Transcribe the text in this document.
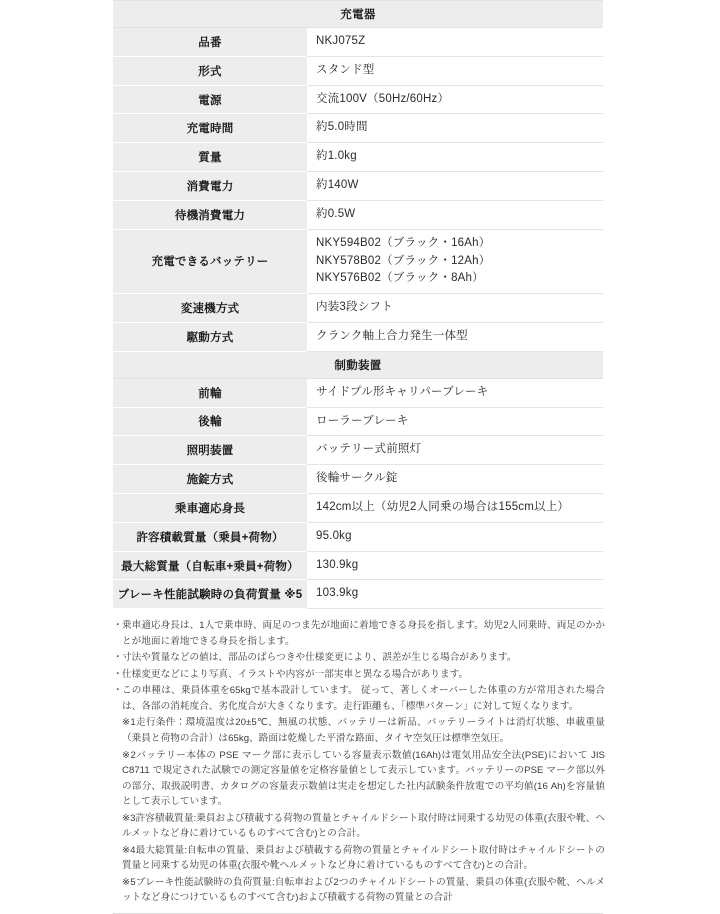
充電器	

品番	NKJ075Z

形式	スタンド型

電源	交流100V（50Hz/60Hz）

充電時間	約5.0時間

質量	約1.0kg

消費電力	約140W

待機消費電力	約0.5W

充電できるバッテリー	NKY594B02（ブラック・16Ah）
NKY578B02（ブラック・12Ah）
NKY576B02（ブラック・8Ah）

変速機方式	内装3段シフト

駆動方式	クランク軸上合力発生一体型

制動装置	

前輪	サイドプル形キャリパーブレーキ

後輪	ローラーブレーキ

照明装置	バッテリー式前照灯

施錠方式	後輪サークル錠

乗車適応身長	142cm以上（幼児2人同乗の場合は155cm以上）

許容積載質量（乗員+荷物）	95.0kg

最大総質量（自転車+乗員+荷物）	130.9kg

ブレーキ性能試験時の負荷質量 ※5	103.9kg
・ 乗車適応身長は、1人で乗車時、両足のつま先が地面に着地できる身長を指します。幼児2人同乗時、両足のかかとが地面に着地できる身長を指します。
・ 寸法や質量などの値は、部品のばらつきや仕様変更により、誤差が生じる場合があります。
・ 仕様変更などにより写真、イラストや内容が一部実車と異なる場合があります。
・ この車種は、乗員体重を65kgで基本設計しています。 従って、著しくオーバーした体重の方が常用された場合は、各部の消耗度合、劣化度合が大きくなります。走行距離も、「標準パターン」に対して短くなります。
※1走行条件：環境温度は20±5℃、無風の状態、バッテリーは新品、バッテリーライトは消灯状態、車載重量（乗員と荷物の合計）は65kg、路面は乾燥した平滑な路面、タイヤ空気圧は標準空気圧。
※2バッテリー本体の PSE マーク部に表示している容量表示数値(16Ah)は電気用品安全法(PSE)において JIS C8711 で規定された試験での測定容量値を定格容量値として表示しています。バッテリーのPSE マーク部以外の部分、取扱説明書、カタログの容量表示数値は実走を想定した社内試験条件放電での平均値(16 Ah)を容量値として表示しています。
※3許容積載質量:乗員および積載する荷物の質量とチャイルドシート取付時は同乗する幼児の体重(衣服や靴、ヘルメットなど身に着けているものすべて含む)との合計。
※4最大総質量:自転車の質量、乗員および積載する荷物の質量とチャイルドシート取付時はチャイルドシートの質量と同乗する幼児の体重(衣服や靴ヘルメットなど身に着けているものすべて含む)との合計。
※5ブレーキ性能試験時の負荷質量:自転車および2つのチャイルドシートの質量、乗員の体重(衣服や靴、ヘルメットなど身につけているものすべて含む)および積載する荷物の質量との合計
